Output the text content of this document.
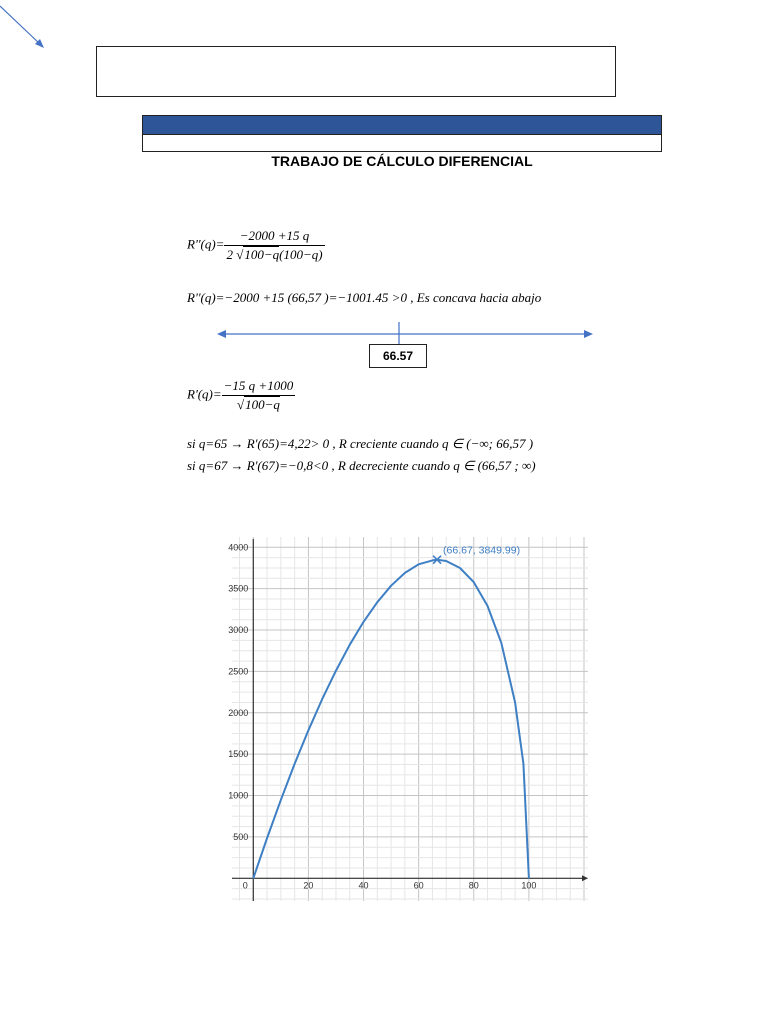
TRABAJO DE CÁLCULO DIFERENCIAL
$R''(q)= \frac{-2000 +15 q}{2 √100-q(100-q)}$
R''(q)=−2000 +15 (66,57 )=−1001.45 >0 , Es concava hacia abajo
66.57
$R'(q)= \frac{-15 q +1000}{√100-q}$
si q=65 → R'(65)=4,22> 0 , R creciente cuando q ∈ (−∞; 66,57 )
si q=67 → R'(67)=−0,8<0 , R decreciente cuando q ∈ (66,57 ; ∞)
0	20	40	60	80	100
500
1000
1500
2000
2500
3000
3500
4000	(66.67, 3849.99)
